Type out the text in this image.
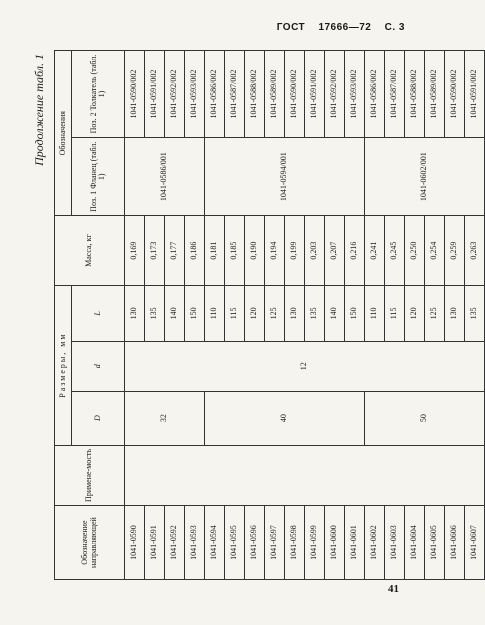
ГОСТ 17666—72 С. 3
Продолжение табл. 1
Обозначение направляющей	Примене-мость	Размеры, мм			Масса, кг	Обозначения	
						Поз. 1 Фланец (табл. 1)	Поз. 2 Толкатель (табл. 1)
		D	d	L			
1041-0590		32	12	130	0,169	1041-0586/001	1041-0590/002
1041-0591				135	0,173		1041-0591/002
1041-0592				140	0,177		1041-0592/002
1041-0593				150	0,186		1041-0593/002
1041-0594		40		110	0,181	1041-0594/001	1041-0586/002
1041-0595				115	0,185		1041-0587/002
1041-0596				120	0,190		1041-0588/002
1041-0597				125	0,194		1041-0589/002
1041-0598				130	0,199		1041-0590/002
1041-0599				135	0,203		1041-0591/002
1041-0600				140	0,207		1041-0592/002
1041-0601				150	0,216		1041-0593/002
1041-0602		50		110	0,241	1041-0602/001	1041-0586/002
1041-0603				115	0,245		1041-0587/002
1041-0604				120	0,250		1041-0588/002
1041-0605				125	0,254		1041-0589/002
1041-0606				130	0,259		1041-0590/002
1041-0607				135	0,263		1041-0591/002
41
